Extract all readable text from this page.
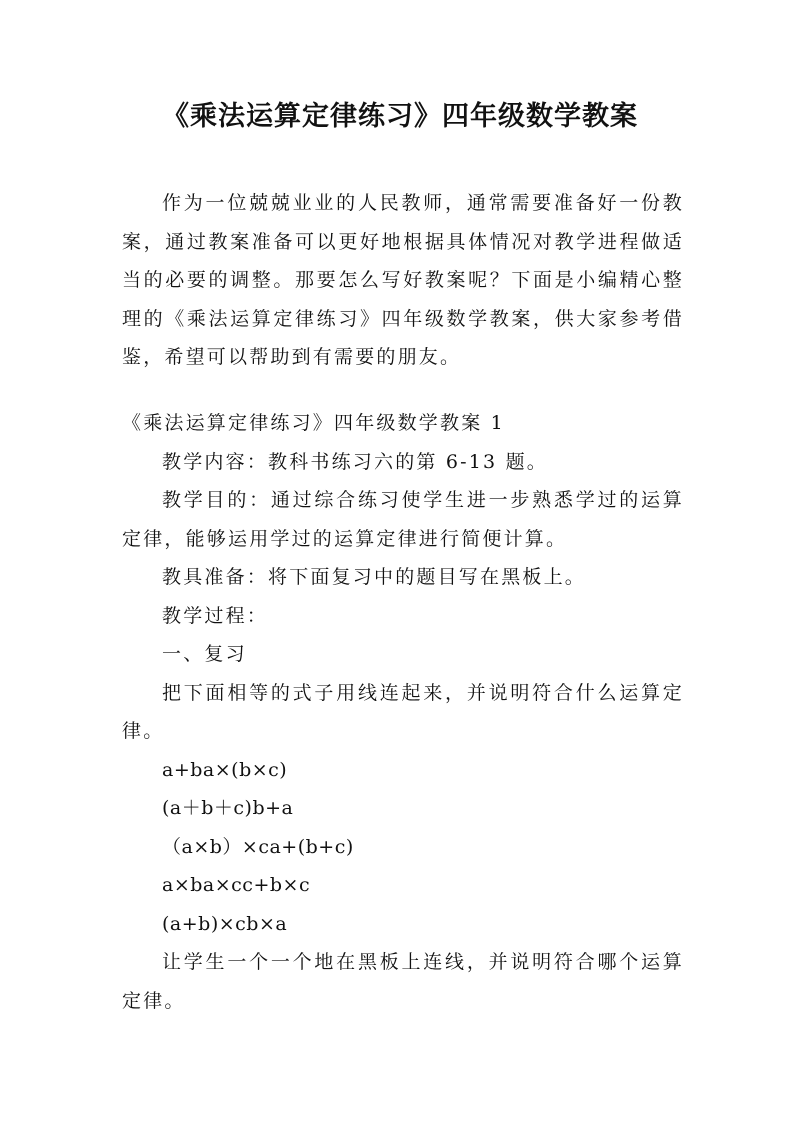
《乘法运算定律练习》四年级数学教案

作为一位兢兢业业的人民教师，通常需要准备好一份教案，通过教案准备可以更好地根据具体情况对教学进程做适当的必要的调整。那要怎么写好教案呢？下面是小编精心整理的《乘法运算定律练习》四年级数学教案，供大家参考借鉴，希望可以帮助到有需要的朋友。

《乘法运算定律练习》四年级数学教案 1

教学内容：教科书练习六的第 6-13 题。

教学目的：通过综合练习使学生进一步熟悉学过的运算定律，能够运用学过的运算定律进行简便计算。

教具准备：将下面复习中的题目写在黑板上。

教学过程：

一、复习

把下面相等的式子用线连起来，并说明符合什么运算定律。

a+ba×(b×c)

(a＋b＋c)b+a

（a×b）×ca+(b+c)

a×ba×cc+b×c

(a+b)×cb×a

让学生一个一个地在黑板上连线，并说明符合哪个运算定律。
